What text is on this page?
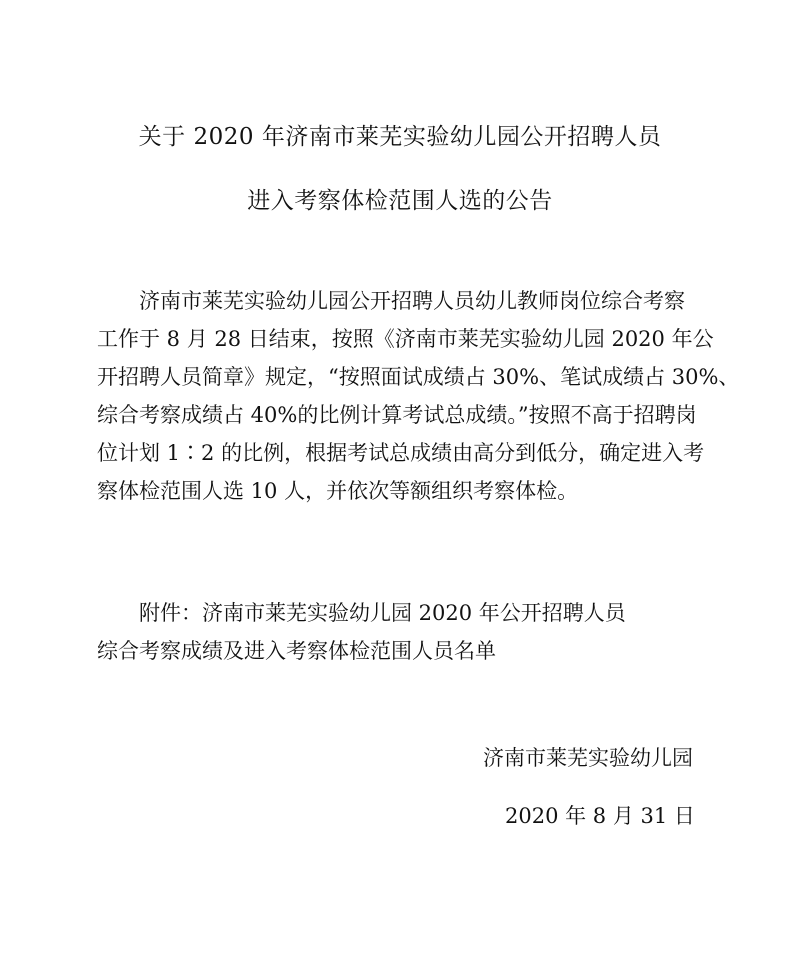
关于 2020 年济南市莱芜实验幼儿园公开招聘人员
进入考察体检范围人选的公告
济南市莱芜实验幼儿园公开招聘人员幼儿教师岗位综合考察
工作于 8 月 28 日结束，按照《济南市莱芜实验幼儿园 2020 年公
开招聘人员简章》规定，“按照面试成绩占 30%、笔试成绩占 30%、
综合考察成绩占 40%的比例计算考试总成绩。”按照不高于招聘岗
位计划 1∶2 的比例，根据考试总成绩由高分到低分，确定进入考
察体检范围人选 10 人，并依次等额组织考察体检。
附件：济南市莱芜实验幼儿园 2020 年公开招聘人员
综合考察成绩及进入考察体检范围人员名单
济南市莱芜实验幼儿园
2020 年 8 月 31 日
